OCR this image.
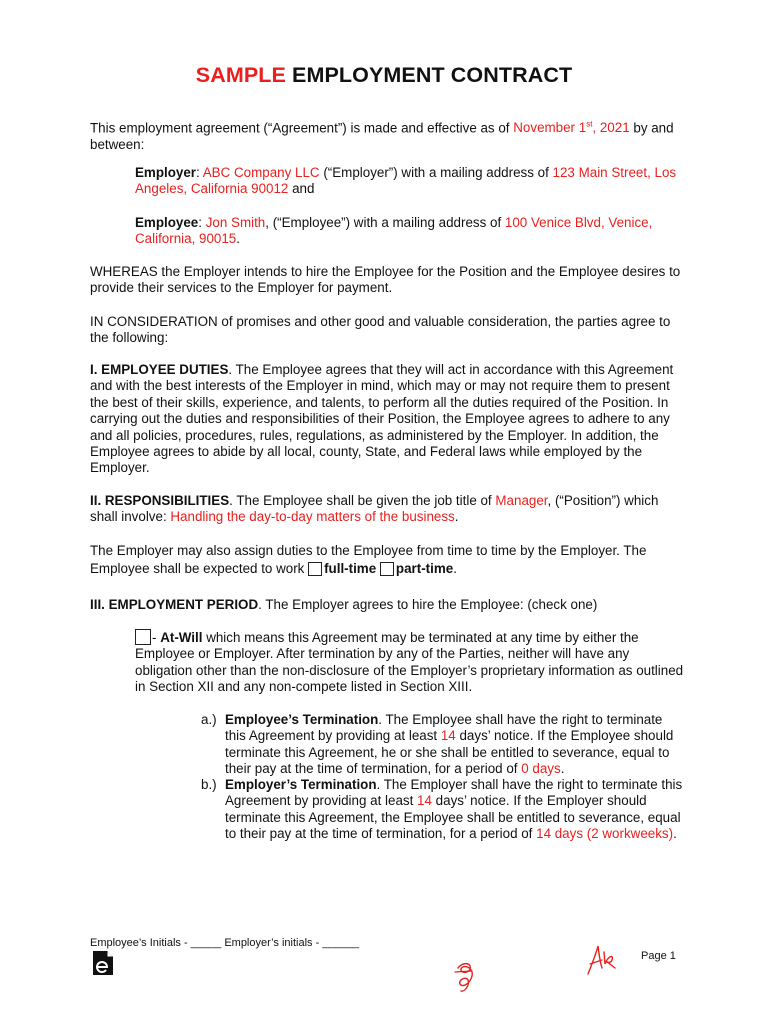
SAMPLE EMPLOYMENT CONTRACT

This employment agreement (“Agreement”) is made and effective as of November 1st, 2021 by and between:

Employer: ABC Company LLC (“Employer”) with a mailing address of 123 Main Street, Los Angeles, California 90012 and

Employee: Jon Smith, (“Employee”) with a mailing address of 100 Venice Blvd, Venice, California, 90015.

WHEREAS the Employer intends to hire the Employee for the Position and the Employee desires to provide their services to the Employer for payment.

IN CONSIDERATION of promises and other good and valuable consideration, the parties agree to the following:

I. EMPLOYEE DUTIES. The Employee agrees that they will act in accordance with this Agreement and with the best interests of the Employer in mind, which may or may not require them to present the best of their skills, experience, and talents, to perform all the duties required of the Position. In carrying out the duties and responsibilities of their Position, the Employee agrees to adhere to any and all policies, procedures, rules, regulations, as administered by the Employer. In addition, the Employee agrees to abide by all local, county, State, and Federal laws while employed by the Employer.

II. RESPONSIBILITIES. The Employee shall be given the job title of Manager, (“Position”) which shall involve: Handling the day-to-day matters of the business.

The Employer may also assign duties to the Employee from time to time by the Employer. The Employee shall be expected to work full-time part-time.

III. EMPLOYMENT PERIOD. The Employer agrees to hire the Employee: (check one)

- At-Will which means this Agreement may be terminated at any time by either the Employee or Employer. After termination by any of the Parties, neither will have any obligation other than the non-disclosure of the Employer’s proprietary information as outlined in Section XII and any non-compete listed in Section XIII.

a.) Employee’s Termination. The Employee shall have the right to terminate this Agreement by providing at least 14 days’ notice. If the Employee should terminate this Agreement, he or she shall be entitled to severance, equal to their pay at the time of termination, for a period of 0 days.

b.) Employer’s Termination. The Employer shall have the right to terminate this Agreement by providing at least 14 days’ notice. If the Employer should terminate this Agreement, the Employee shall be entitled to severance, equal to their pay at the time of termination, for a period of 14 days (2 workweeks).

Employee’s Initials - _____ Employer’s initials - ______
Page 1
